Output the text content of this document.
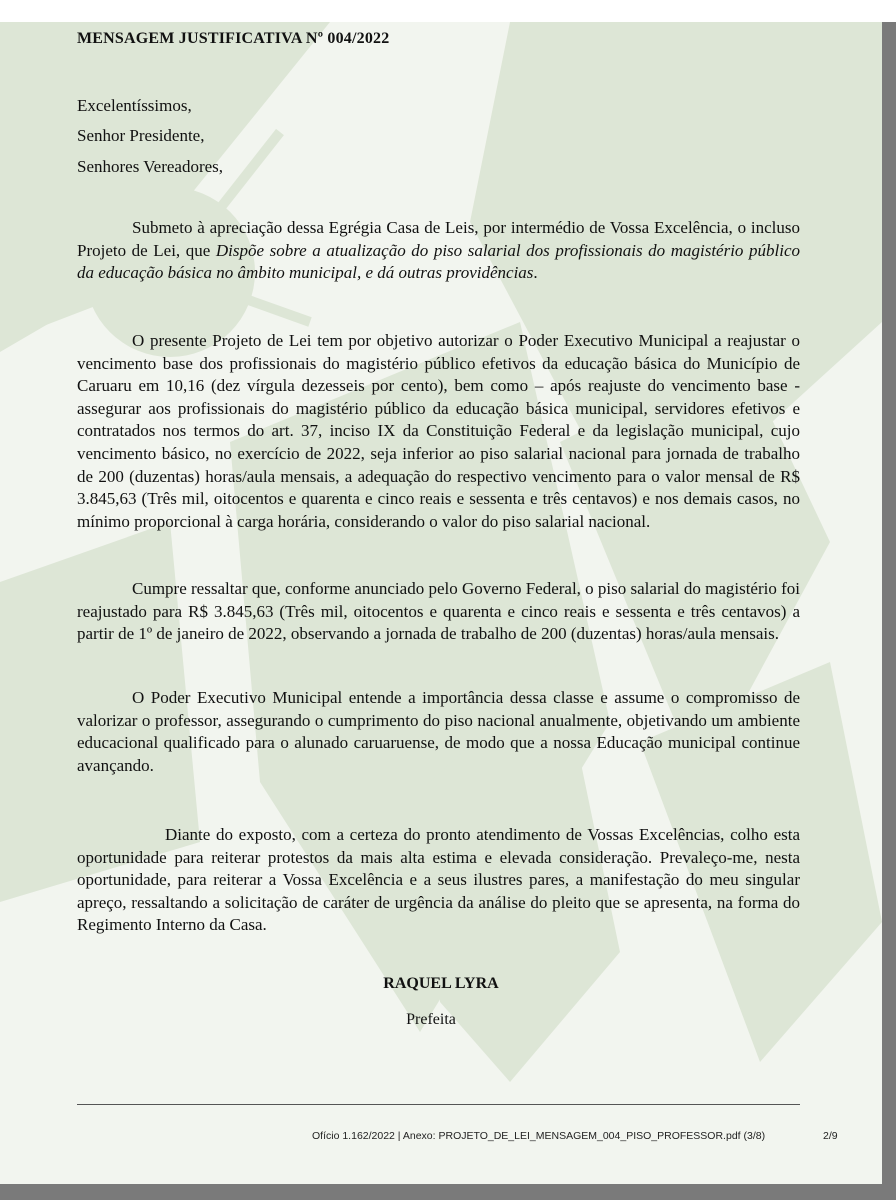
MENSAGEM JUSTIFICATIVA Nº 004/2022
Excelentíssimos,
Senhor Presidente,
Senhores Vereadores,

Submeto à apreciação dessa Egrégia Casa de Leis, por intermédio de Vossa Excelência, o incluso Projeto de Lei, que Dispõe sobre a atualização do piso salarial dos profissionais do magistério público da educação básica no âmbito municipal, e dá outras providências.

O presente Projeto de Lei tem por objetivo autorizar o Poder Executivo Municipal a reajustar o vencimento base dos profissionais do magistério público efetivos da educação básica do Município de Caruaru em 10,16 (dez vírgula dezesseis por cento), bem como – após reajuste do vencimento base - assegurar aos profissionais do magistério público da educação básica municipal, servidores efetivos e contratados nos termos do art. 37, inciso IX da Constituição Federal e da legislação municipal, cujo vencimento básico, no exercício de 2022, seja inferior ao piso salarial nacional para jornada de trabalho de 200 (duzentas) horas/aula mensais, a adequação do respectivo vencimento para o valor mensal de R$ 3.845,63 (Três mil, oitocentos e quarenta e cinco reais e sessenta e três centavos) e nos demais casos, no mínimo proporcional à carga horária, considerando o valor do piso salarial nacional.

Cumpre ressaltar que, conforme anunciado pelo Governo Federal, o piso salarial do magistério foi reajustado para R$ 3.845,63 (Três mil, oitocentos e quarenta e cinco reais e sessenta e três centavos) a partir de 1º de janeiro de 2022, observando a jornada de trabalho de 200 (duzentas) horas/aula mensais.

O Poder Executivo Municipal entende a importância dessa classe e assume o compromisso de valorizar o professor, assegurando o cumprimento do piso nacional anualmente, objetivando um ambiente educacional qualificado para o alunado caruaruense, de modo que a nossa Educação municipal continue avançando.

Diante do exposto, com a certeza do pronto atendimento de Vossas Excelências, colho esta oportunidade para reiterar protestos da mais alta estima e elevada consideração. Prevaleço-me, nesta oportunidade, para reiterar a Vossa Excelência e a seus ilustres pares, a manifestação do meu singular apreço, ressaltando a solicitação de caráter de urgência da análise do pleito que se apresenta, na forma do Regimento Interno da Casa.

RAQUEL LYRA
Prefeita
Ofício 1.162/2022 | Anexo: PROJETO_DE_LEI_MENSAGEM_004_PISO_PROFESSOR.pdf (3/8)	2/9
